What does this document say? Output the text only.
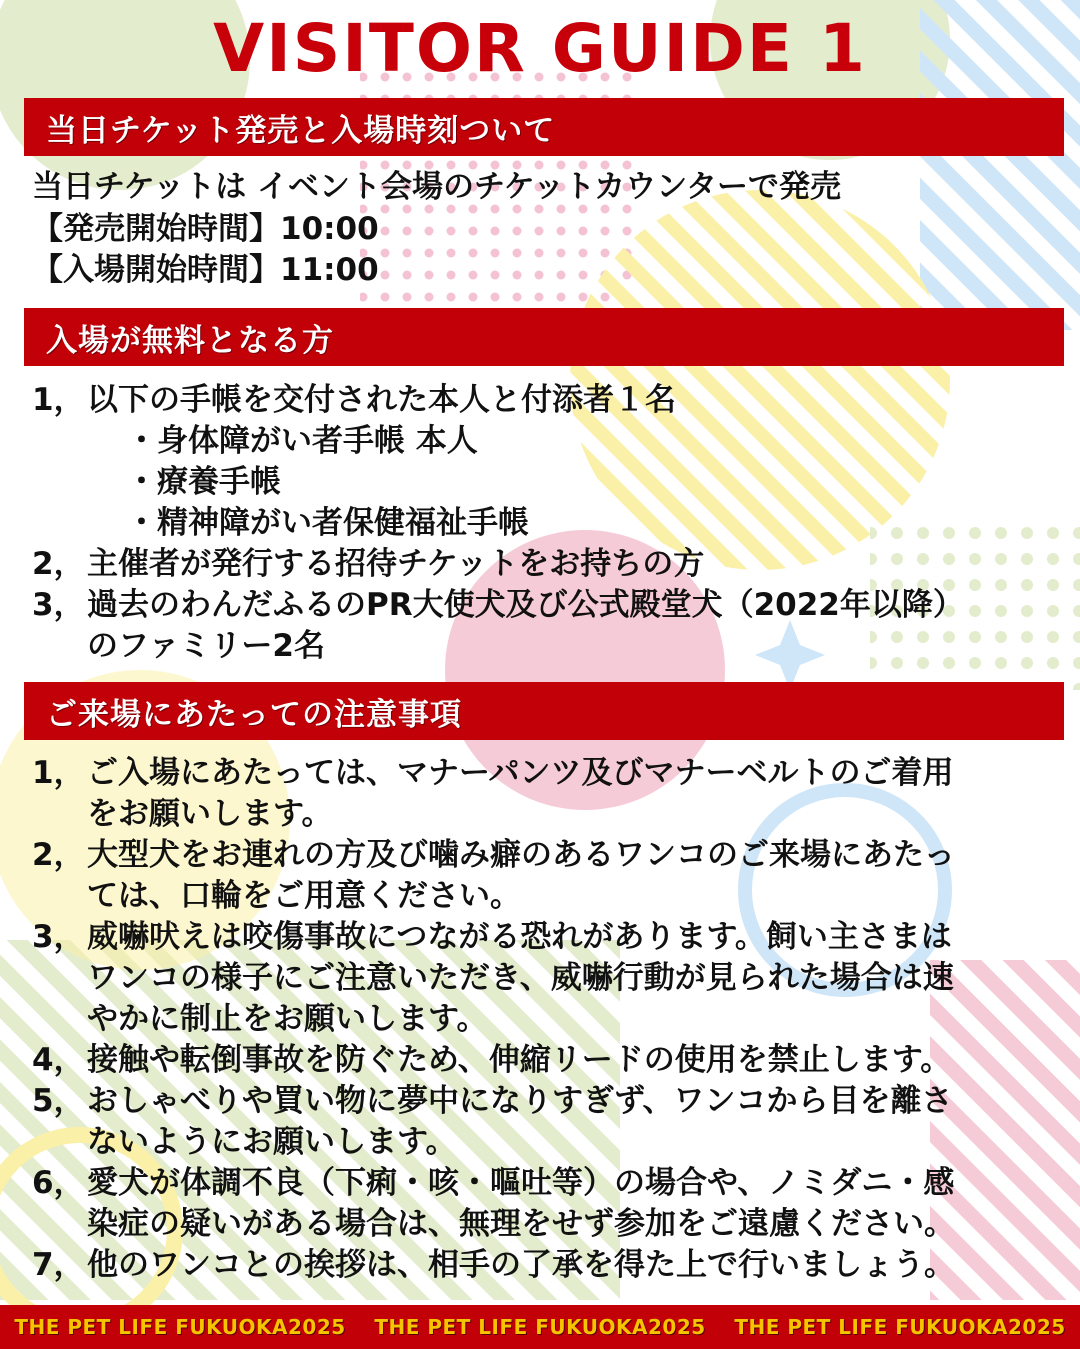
VISITOR GUIDE 1
当日チケット発売と入場時刻ついて
当日チケットは イベント会場のチケットカウンターで発売
【発売開始時間】10:00
【入場開始時間】11:00
入場が無料となる方
1，以下の手帳を交付された本人と付添者１名
・身体障がい者手帳 本人
・療養手帳
・精神障がい者保健福祉手帳
2，主催者が発行する招待チケットをお持ちの方
3，過去のわんだふるのPR大使犬及び公式殿堂犬（2022年以降）
のファミリー2名
ご来場にあたっての注意事項
1，ご入場にあたっては、マナーパンツ及びマナーベルトのご着用
をお願いします。
2，大型犬をお連れの方及び噛み癖のあるワンコのご来場にあたっ
ては、口輪をご用意ください。
3，威嚇吠えは咬傷事故につながる恐れがあります。飼い主さまは
ワンコの様子にご注意いただき、威嚇行動が見られた場合は速
やかに制止をお願いします。
4，接触や転倒事故を防ぐため、伸縮リードの使用を禁止します。
5，おしゃべりや買い物に夢中になりすぎず、ワンコから目を離さ
ないようにお願いします。
6，愛犬が体調不良（下痢・咳・嘔吐等）の場合や、ノミダニ・感
染症の疑いがある場合は、無理をせず参加をご遠慮ください。
7，他のワンコとの挨拶は、相手の了承を得た上で行いましょう。
THE PET LIFE FUKUOKA2025 THE PET LIFE FUKUOKA2025 THE PET LIFE FUKUOKA2025
